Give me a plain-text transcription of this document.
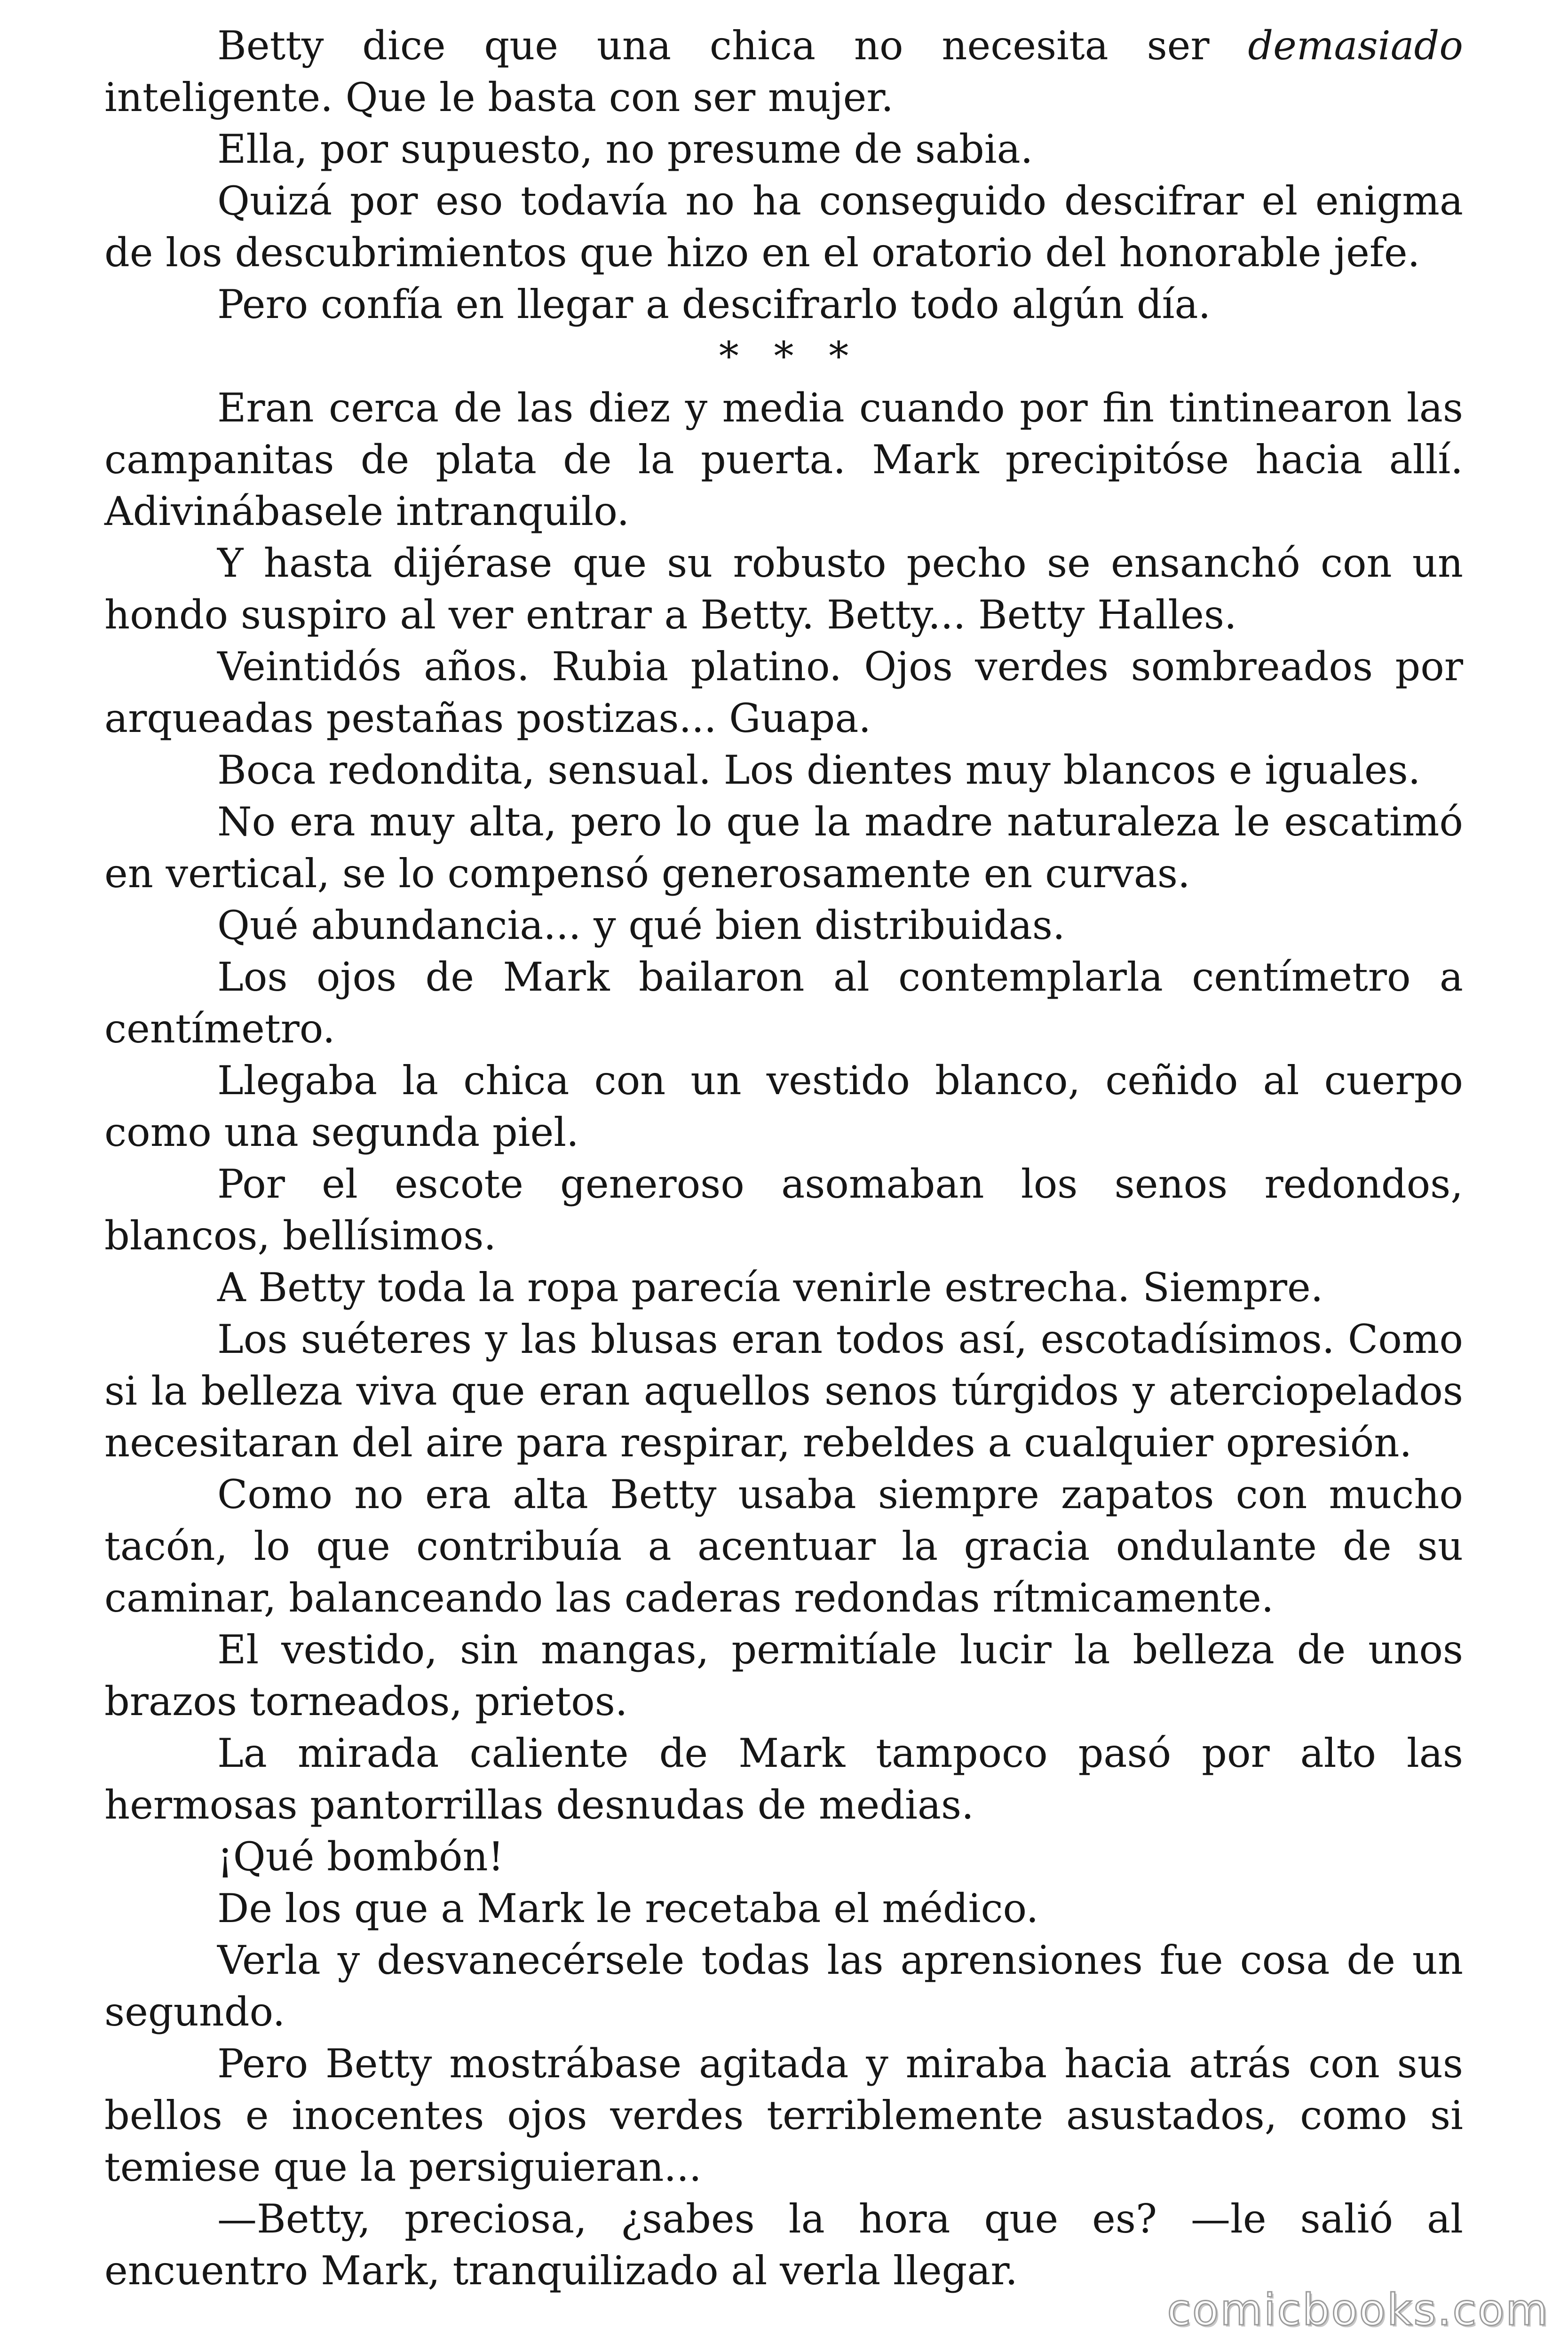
Betty dice que una chica no necesita ser demasiado inteligente. Que le basta con ser mujer.

Ella, por supuesto, no presume de sabia.

Quizá por eso todavía no ha conseguido descifrar el enigma de los descubrimientos que hizo en el oratorio del honorable jefe.

Pero confía en llegar a descifrarlo todo algún día.

* * *

Eran cerca de las diez y media cuando por fin tintinearon las campanitas de plata de la puerta. Mark precipitóse hacia allí. Adivinábasele intranquilo.

Y hasta dijérase que su robusto pecho se ensanchó con un hondo suspiro al ver entrar a Betty. Betty... Betty Halles.

Veintidós años. Rubia platino. Ojos verdes sombreados por arqueadas pestañas postizas... Guapa.

Boca redondita, sensual. Los dientes muy blancos e iguales.

No era muy alta, pero lo que la madre naturaleza le escatimó en vertical, se lo compensó generosamente en curvas.

Qué abundancia... y qué bien distribuidas.

Los ojos de Mark bailaron al contemplarla centímetro a centímetro.

Llegaba la chica con un vestido blanco, ceñido al cuerpo como una segunda piel.

Por el escote generoso asomaban los senos redondos, blancos, bellísimos.

A Betty toda la ropa parecía venirle estrecha. Siempre.

Los suéteres y las blusas eran todos así, escotadísimos. Como si la belleza viva que eran aquellos senos túrgidos y aterciopelados necesitaran del aire para respirar, rebeldes a cualquier opresión.

Como no era alta Betty usaba siempre zapatos con mucho tacón, lo que contribuía a acentuar la gracia ondulante de su caminar, balanceando las caderas redondas rítmicamente.

El vestido, sin mangas, permitíale lucir la belleza de unos brazos torneados, prietos.

La mirada caliente de Mark tampoco pasó por alto las hermosas pantorrillas desnudas de medias.

¡Qué bombón!

De los que a Mark le recetaba el médico.

Verla y desvanecérsele todas las aprensiones fue cosa de un segundo.

Pero Betty mostrábase agitada y miraba hacia atrás con sus bellos e inocentes ojos verdes terriblemente asustados, como si temiese que la persiguieran...

—Betty, preciosa, ¿sabes la hora que es? —le salió al encuentro Mark, tranquilizado al verla llegar.

comicbooks.com
